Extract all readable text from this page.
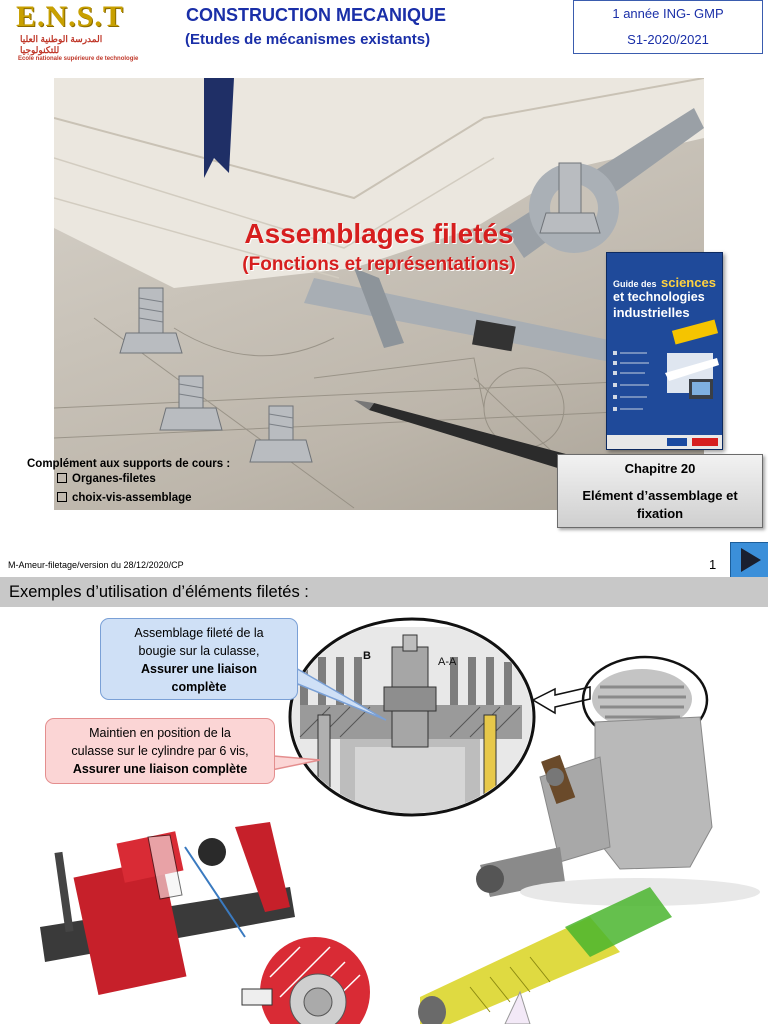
E.N.S.T
المدرسة الوطنية العليا للتكنولوجيا
Ecole nationale supérieure de technologie
CONSTRUCTION MECANIQUE
(Etudes de mécanismes existants)
1 année ING- GMP
S1-2020/2021
Assemblages filetés
(Fonctions et représentations)
Guide des sciences
et technologies
industrielles
Complément aux supports de cours :
Organes-filetes
choix-vis-assemblage
Chapitre 20
Elément d’assemblage et
fixation
M-Ameur-filetage/version du 28/12/2020/CP	1
Exemples d’utilisation d’éléments filetés :
B	A-A
Assemblage fileté de la
bougie sur la culasse,
Assurer une liaison
complète
Maintien en position de la
culasse sur le cylindre par 6 vis,
Assurer une liaison complète
